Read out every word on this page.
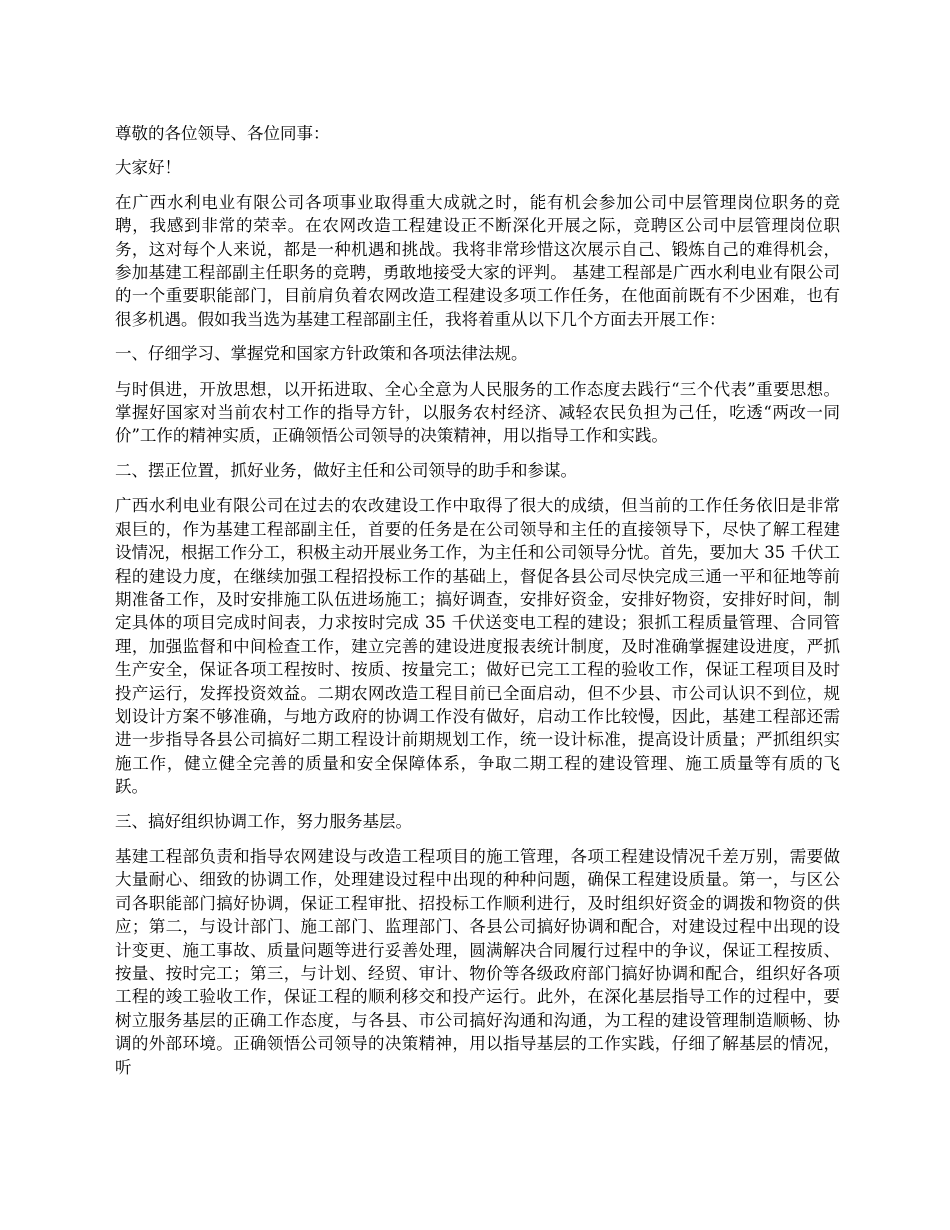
尊敬的各位领导、各位同事：

大家好！

在广西水利电业有限公司各项事业取得重大成就之时，能有机会参加公司中层管理岗位职务的竞聘，我感到非常的荣幸。在农网改造工程建设正不断深化开展之际，竞聘区公司中层管理岗位职务，这对每个人来说，都是一种机遇和挑战。我将非常珍惜这次展示自己、锻炼自己的难得机会，参加基建工程部副主任职务的竞聘，勇敢地接受大家的评判。 基建工程部是广西水利电业有限公司的一个重要职能部门，目前肩负着农网改造工程建设多项工作任务，在他面前既有不少困难，也有很多机遇。假如我当选为基建工程部副主任，我将着重从以下几个方面去开展工作：

一、仔细学习、掌握党和国家方针政策和各项法律法规。

与时俱进，开放思想，以开拓进取、全心全意为人民服务的工作态度去践行“三个代表”重要思想。掌握好国家对当前农村工作的指导方针，以服务农村经济、减轻农民负担为己任，吃透“两改一同价”工作的精神实质，正确领悟公司领导的决策精神，用以指导工作和实践。

二、摆正位置，抓好业务，做好主任和公司领导的助手和参谋。

广西水利电业有限公司在过去的农改建设工作中取得了很大的成绩，但当前的工作任务依旧是非常艰巨的，作为基建工程部副主任，首要的任务是在公司领导和主任的直接领导下，尽快了解工程建设情况，根据工作分工，积极主动开展业务工作，为主任和公司领导分忧。首先，要加大 35 千伏工程的建设力度，在继续加强工程招投标工作的基础上，督促各县公司尽快完成三通一平和征地等前期准备工作，及时安排施工队伍进场施工；搞好调查，安排好资金，安排好物资，安排好时间，制定具体的项目完成时间表，力求按时完成 35 千伏送变电工程的建设；狠抓工程质量管理、合同管理，加强监督和中间检查工作，建立完善的建设进度报表统计制度，及时准确掌握建设进度，严抓生产安全，保证各项工程按时、按质、按量完工；做好已完工工程的验收工作，保证工程项目及时投产运行，发挥投资效益。二期农网改造工程目前已全面启动，但不少县、市公司认识不到位，规划设计方案不够准确，与地方政府的协调工作没有做好，启动工作比较慢，因此，基建工程部还需进一步指导各县公司搞好二期工程设计前期规划工作，统一设计标准，提高设计质量；严抓组织实施工作，健立健全完善的质量和安全保障体系，争取二期工程的建设管理、施工质量等有质的飞跃。

三、搞好组织协调工作，努力服务基层。

基建工程部负责和指导农网建设与改造工程项目的施工管理，各项工程建设情况千差万别，需要做大量耐心、细致的协调工作，处理建设过程中出现的种种问题，确保工程建设质量。第一，与区公司各职能部门搞好协调，保证工程审批、招投标工作顺利进行，及时组织好资金的调拨和物资的供应；第二，与设计部门、施工部门、监理部门、各县公司搞好协调和配合，对建设过程中出现的设计变更、施工事故、质量问题等进行妥善处理，圆满解决合同履行过程中的争议，保证工程按质、按量、按时完工；第三，与计划、经贸、审计、物价等各级政府部门搞好协调和配合，组织好各项工程的竣工验收工作，保证工程的顺利移交和投产运行。此外，在深化基层指导工作的过程中，要树立服务基层的正确工作态度，与各县、市公司搞好沟通和沟通，为工程的建设管理制造顺畅、协调的外部环境。正确领悟公司领导的决策精神，用以指导基层的工作实践，仔细了解基层的情况，听
